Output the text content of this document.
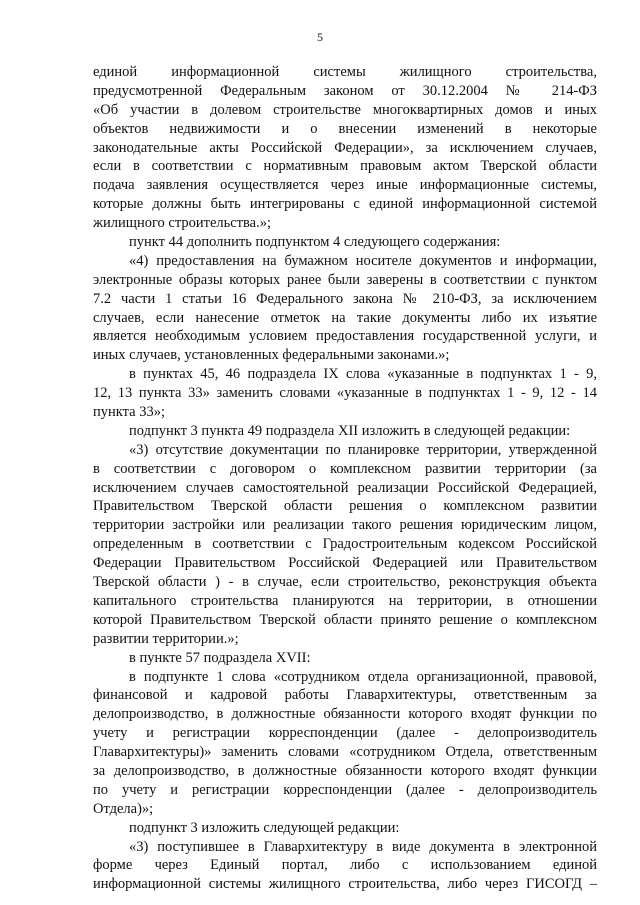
5
единой информационной системы жилищного строительства,
предусмотренной Федеральным законом от 30.12.2004 № 214-ФЗ
«Об участии в долевом строительстве многоквартирных домов и иных
объектов недвижимости и о внесении изменений в некоторые
законодательные акты Российской Федерации», за исключением случаев,
если в соответствии с нормативным правовым актом Тверской области
подача заявления осуществляется через иные информационные системы,
которые должны быть интегрированы с единой информационной системой
жилищного строительства.»;
пункт 44 дополнить подпунктом 4 следующего содержания:
«4) предоставления на бумажном носителе документов и информации,
электронные образы которых ранее были заверены в соответствии с пунктом
7.2 части 1 статьи 16 Федерального закона № 210-ФЗ, за исключением
случаев, если нанесение отметок на такие документы либо их изъятие
является необходимым условием предоставления государственной услуги, и
иных случаев, установленных федеральными законами.»;
в пунктах 45, 46 подраздела IX слова «указанные в подпунктах 1 - 9,
12, 13 пункта 33» заменить словами «указанные в подпунктах 1 - 9, 12 - 14
пункта 33»;
подпункт 3 пункта 49 подраздела XII изложить в следующей редакции:
«3) отсутствие документации по планировке территории, утвержденной
в соответствии с договором о комплексном развитии территории (за
исключением случаев самостоятельной реализации Российской Федерацией,
Правительством Тверской области решения о комплексном развитии
территории застройки или реализации такого решения юридическим лицом,
определенным в соответствии с Градостроительным кодексом Российской
Федерации Правительством Российской Федерацией или Правительством
Тверской области ) - в случае, если строительство, реконструкция объекта
капитального строительства планируются на территории, в отношении
которой Правительством Тверской области принято решение о комплексном
развитии территории.»;
в пункте 57 подраздела XVII:
в подпункте 1 слова «сотрудником отдела организационной, правовой,
финансовой и кадровой работы Главархитектуры, ответственным за
делопроизводство, в должностные обязанности которого входят функции по
учету и регистрации корреспонденции (далее - делопроизводитель
Главархитектуры)» заменить словами «сотрудником Отдела, ответственным
за делопроизводство, в должностные обязанности которого входят функции
по учету и регистрации корреспонденции (далее - делопроизводитель
Отдела)»;
подпункт 3 изложить следующей редакции:
«3) поступившее в Главархитектуру в виде документа в электронной
форме через Единый портал, либо с использованием единой
информационной системы жилищного строительства, либо через ГИСОГД –
